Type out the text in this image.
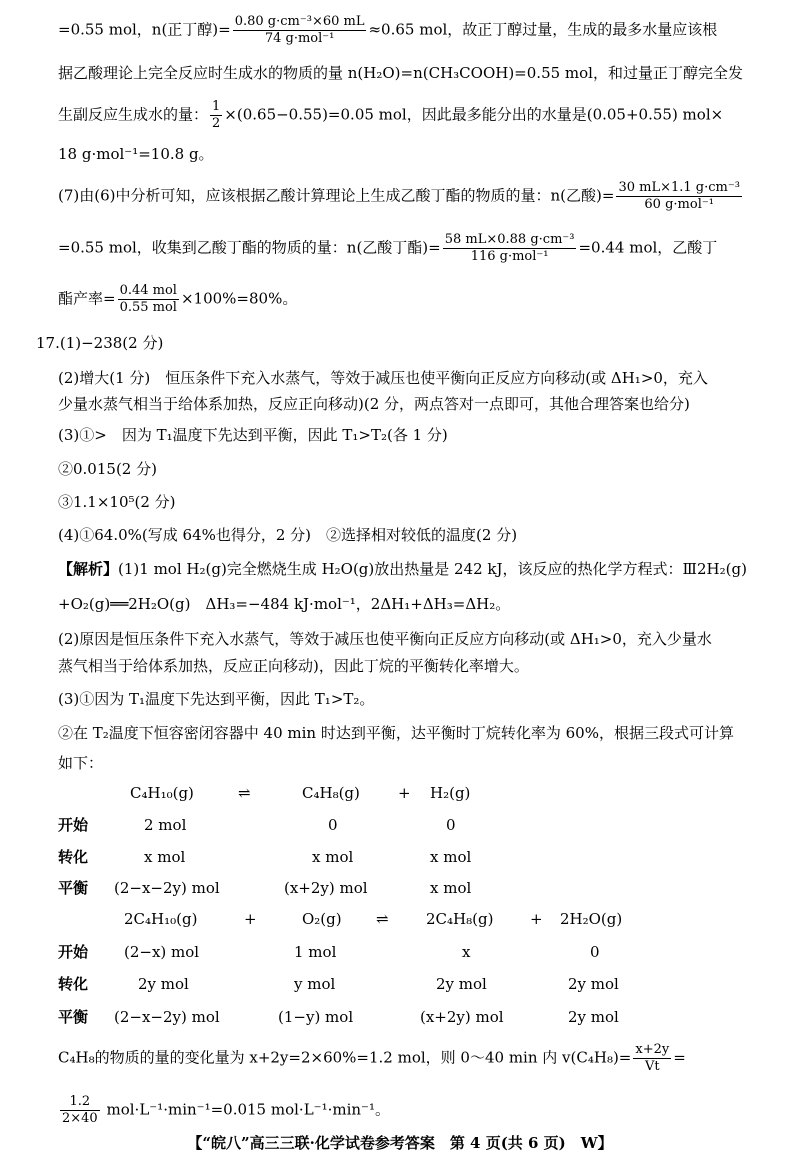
=0.55 mol，n(正丁醇)= $\frac{\text{0.80 g·cm⁻³×60 mL}}{\text{74 g·mol⁻¹}} \approx 0.65$ mol，故正丁醇过量，生成的最多水量应该根
据乙酸理论上完全反应时生成水的物质的量 n(H₂O)=n(CH₃COOH)=0.55 mol，和过量正丁醇完全发
生副反应生成水的量： $\frac{1}{2} \times(0.65-0.55)=0.05$ mol，因此最多能分出的水量是(0.05+0.55) mol×
18 g·mol⁻¹=10.8 g。
(7)由(6)中分析可知，应该根据乙酸计算理论上生成乙酸丁酯的物质的量：n(乙酸)= $\frac{\text{30 mL×1.1 g·cm⁻³}}{\text{60 g·mol⁻¹}}$
=0.55 mol，收集到乙酸丁酯的物质的量：n(乙酸丁酯)= $\frac{\text{58 mL×0.88 g·cm⁻³}}{\text{116 g·mol⁻¹}} =0.44$ mol，乙酸丁
酯产率= $\frac{\text{0.44 mol}}{\text{0.55 mol}} \times 100\%=80\%$。
17.(1)−238(2 分)
(2)增大(1 分)　恒压条件下充入水蒸气，等效于减压也使平衡向正反应方向移动(或 ΔH₁>0，充入
少量水蒸气相当于给体系加热，反应正向移动)(2 分，两点答对一点即可，其他合理答案也给分)
(3)①>　因为 T₁温度下先达到平衡，因此 T₁>T₂(各 1 分)
②0.015(2 分)
③1.1×10⁵(2 分)
(4)①64.0%(写成 64%也得分，2 分)　②选择相对较低的温度(2 分)
【解析】(1)1 mol H₂(g)完全燃烧生成 H₂O(g)放出热量是 242 kJ，该反应的热化学方程式：Ⅲ2H₂(g)
+O₂(g)══2H₂O(g)　ΔH₃=−484 kJ·mol⁻¹，2ΔH₁+ΔH₃=ΔH₂。
(2)原因是恒压条件下充入水蒸气，等效于减压也使平衡向正反应方向移动(或 ΔH₁>0，充入少量水
蒸气相当于给体系加热，反应正向移动)，因此丁烷的平衡转化率增大。
(3)①因为 T₁温度下先达到平衡，因此 T₁>T₂。
②在 T₂温度下恒容密闭容器中 40 min 时达到平衡，达平衡时丁烷转化率为 60%，根据三段式可计算
如下：
C₄H₁₀(g)	⇌	C₄H₈(g)	+ H₂(g)
开始	2 mol	0	0
转化	x mol	x mol	x mol
平衡 (2−x−2y) mol	(x+2y) mol	x mol
2C₄H₁₀(g)	+	O₂(g) ⇌ 2C₄H₈(g) + 2H₂O(g)
开始 (2−x) mol	1 mol	x	0
转化	2y mol	y mol	2y mol	2y mol
平衡 (2−x−2y) mol	(1−y) mol	(x+2y) mol	2y mol
C₄H₈的物质的量的变化量为 x+2y=2×60%=1.2 mol，则 0～40 min 内 $v(C_4H_8)= \frac{x+2y}{Vt}$ =
$\frac{1.2}{2\times 40} mol\cdot L^{-1}\cdot\min^{-1}=0.015$ mol·L⁻¹·min⁻¹。
【“皖八”高三三联·化学试卷参考答案　第 4 页(共 6 页)　W】
